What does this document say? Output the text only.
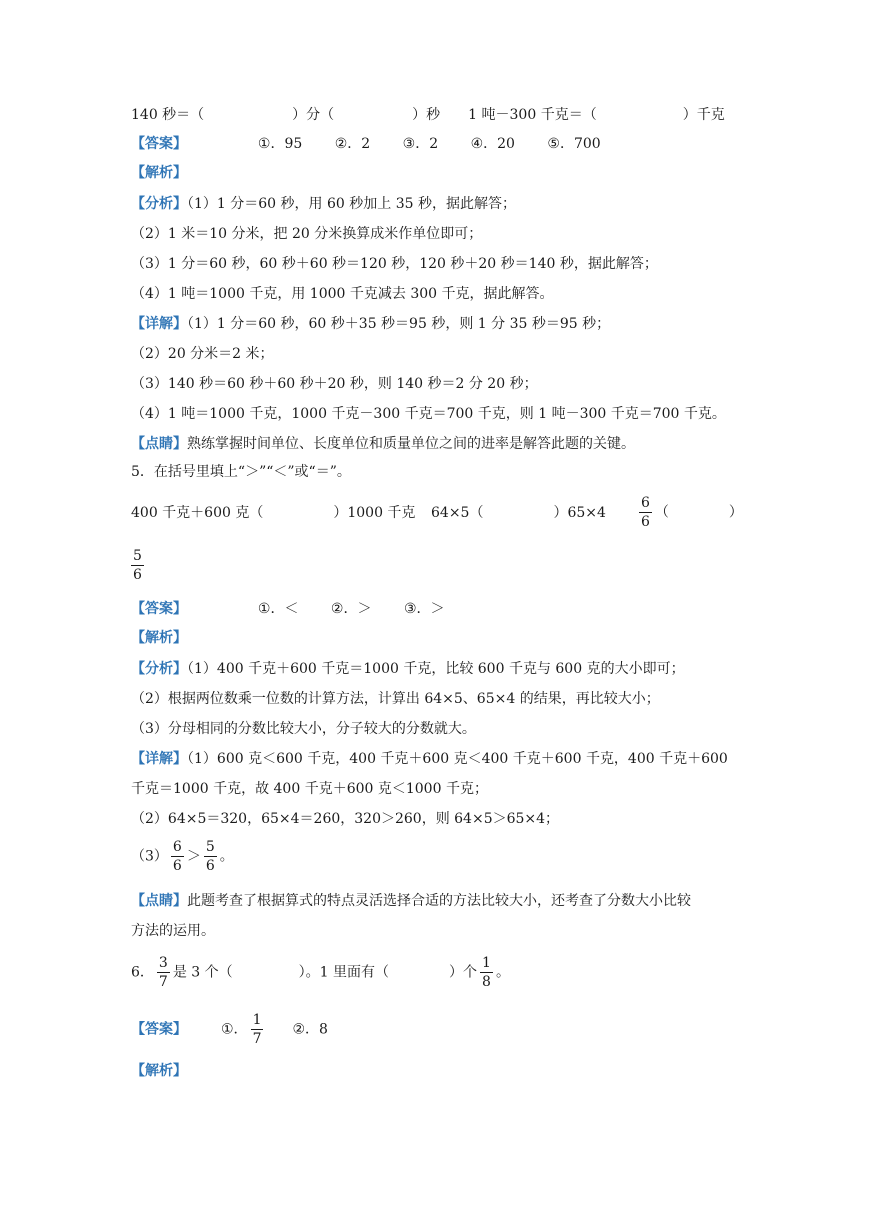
140 秒＝（	）分（	）秒 1 吨－300 千克＝（	）千克
【答案】	①．95 ②．2 ③．2 ④．20 ⑤．700
【解析】
【分析】（1）1 分＝60 秒，用 60 秒加上 35 秒，据此解答；
（2）1 米＝10 分米，把 20 分米换算成米作单位即可；
（3）1 分＝60 秒，60 秒＋60 秒＝120 秒，120 秒＋20 秒＝140 秒，据此解答；
（4）1 吨＝1000 千克，用 1000 千克减去 300 千克，据此解答。
【详解】（1）1 分＝60 秒，60 秒＋35 秒＝95 秒，则 1 分 35 秒＝95 秒；
（2）20 分米＝2 米；
（3）140 秒＝60 秒＋60 秒＋20 秒，则 140 秒＝2 分 20 秒；
（4）1 吨＝1000 千克，1000 千克－300 千克＝700 千克，则 1 吨－300 千克＝700 千克。
【点睛】熟练掌握时间单位、长度单位和质量单位之间的进率是解答此题的关键。
5．在括号里填上“＞”“＜”或“＝”。
400 千克＋600 克（	）1000 千克 64×5（	）$65\times 4 \frac{6}{6}$ （	）
$\frac{5}{6}$
【答案】	①．＜ ②．＞ ③．＞
【解析】
【分析】（1）400 千克＋600 千克＝1000 千克，比较 600 千克与 600 克的大小即可；
（2）根据两位数乘一位数的计算方法，计算出 64×5、65×4 的结果，再比较大小；
（3）分母相同的分数比较大小，分子较大的分数就大。
【详解】（1）600 克＜600 千克，400 千克＋600 克＜400 千克＋600 千克，400 千克＋600
千克＝1000 千克，故 400 千克＋600 克＜1000 千克；
（2）64×5＝320，65×4＝260，320＞260，则 64×5＞65×4；
$(3) \frac{6}{6} > \frac{5}{6}$ 。
【点睛】此题考查了根据算式的特点灵活选择合适的方法比较大小，还考查了分数大小比较
方法的运用。
6． $\frac{3}{7}$ 是 3 个（	）。1 里面有（	）个 $\frac{1}{8}$ 。
【答案】 ①． $\frac{1}{7}$ ②．8
【解析】
